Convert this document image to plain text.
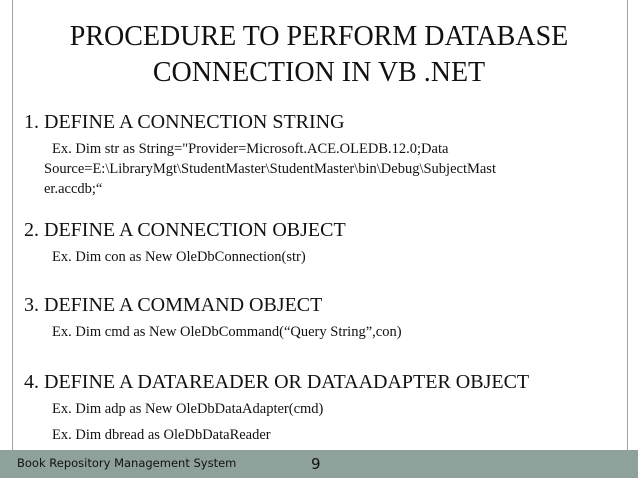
PROCEDURE TO PERFORM DATABASE
CONNECTION IN VB .NET
1. DEFINE A CONNECTION STRING
Ex. Dim str as String="Provider=Microsoft.ACE.OLEDB.12.0;Data
Source=E:\LibraryMgt\StudentMaster\StudentMaster\bin\Debug\SubjectMast
er.accdb;“
2. DEFINE A CONNECTION OBJECT
Ex. Dim con as New OleDbConnection(str)
3. DEFINE A COMMAND OBJECT
Ex. Dim cmd as New OleDbCommand(“Query String”,con)
4. DEFINE A DATAREADER OR DATAADAPTER OBJECT
Ex. Dim adp as New OleDbDataAdapter(cmd)
Ex. Dim dbread as OleDbDataReader
Book Repository Management System	9
